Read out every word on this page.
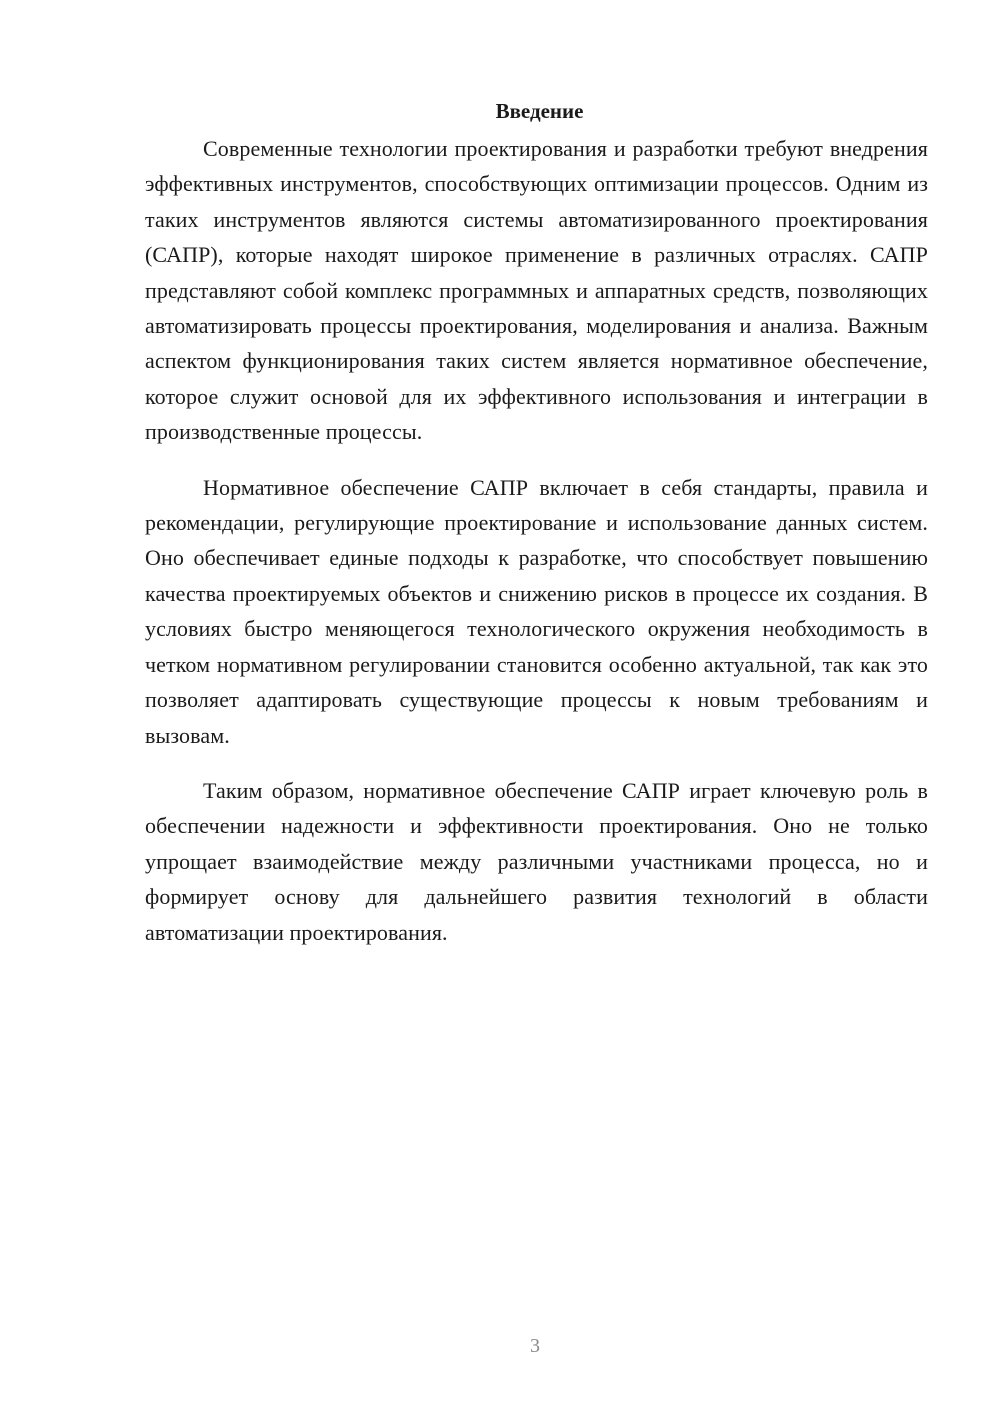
Введение

Современные технологии проектирования и разработки требуют внедрения эффективных инструментов, способствующих оптимизации процессов. Одним из таких инструментов являются системы автоматизированного проектирования (САПР), которые находят широкое применение в различных отраслях. САПР представляют собой комплекс программных и аппаратных средств, позволяющих автоматизировать процессы проектирования, моделирования и анализа. Важным аспектом функционирования таких систем является нормативное обеспечение, которое служит основой для их эффективного использования и интеграции в производственные процессы.

Нормативное обеспечение САПР включает в себя стандарты, правила и рекомендации, регулирующие проектирование и использование данных систем. Оно обеспечивает единые подходы к разработке, что способствует повышению качества проектируемых объектов и снижению рисков в процессе их создания. В условиях быстро меняющегося технологического окружения необходимость в четком нормативном регулировании становится особенно актуальной, так как это позволяет адаптировать существующие процессы к новым требованиям и вызовам.

Таким образом, нормативное обеспечение САПР играет ключевую роль в обеспечении надежности и эффективности проектирования. Оно не только упрощает взаимодействие между различными участниками процесса, но и формирует основу для дальнейшего развития технологий в области автоматизации проектирования.

3
